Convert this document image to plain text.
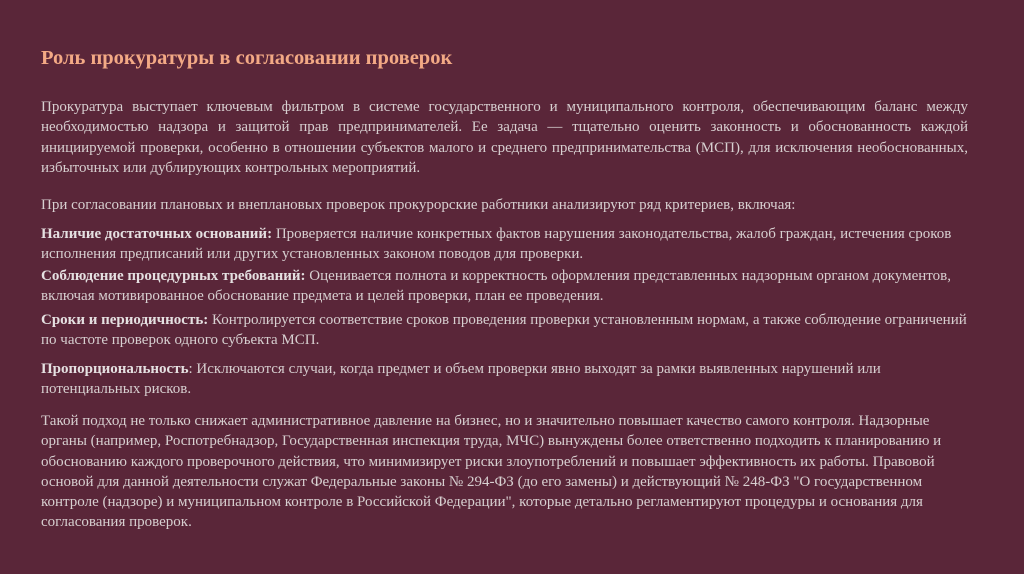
Роль прокуратуры в согласовании проверок

Прокуратура выступает ключевым фильтром в системе государственного и муниципального контроля, обеспечивающим баланс между необходимостью надзора и защитой прав предпринимателей. Ее задача — тщательно оценить законность и обоснованность каждой инициируемой проверки, особенно в отношении субъектов малого и среднего предпринимательства (МСП), для исключения необоснованных, избыточных или дублирующих контрольных мероприятий.

При согласовании плановых и внеплановых проверок прокурорские работники анализируют ряд критериев, включая:

Наличие достаточных оснований: Проверяется наличие конкретных фактов нарушения законодательства, жалоб граждан, истечения сроков исполнения предписаний или других установленных законом поводов для проверки.

Соблюдение процедурных требований: Оценивается полнота и корректность оформления представленных надзорным органом документов, включая мотивированное обоснование предмета и целей проверки, план ее проведения.

Сроки и периодичность: Контролируется соответствие сроков проведения проверки установленным нормам, а также соблюдение ограничений по частоте проверок одного субъекта МСП.

Пропорциональность: Исключаются случаи, когда предмет и объем проверки явно выходят за рамки выявленных нарушений или потенциальных рисков.

Такой подход не только снижает административное давление на бизнес, но и значительно повышает качество самого контроля. Надзорные органы (например, Роспотребнадзор, Государственная инспекция труда, МЧС) вынуждены более ответственно подходить к планированию и обоснованию каждого проверочного действия, что минимизирует риски злоупотреблений и повышает эффективность их работы. Правовой основой для данной деятельности служат Федеральные законы № 294-ФЗ (до его замены) и действующий № 248-ФЗ "О государственном контроле (надзоре) и муниципальном контроле в Российской Федерации", которые детально регламентируют процедуры и основания для согласования проверок.
